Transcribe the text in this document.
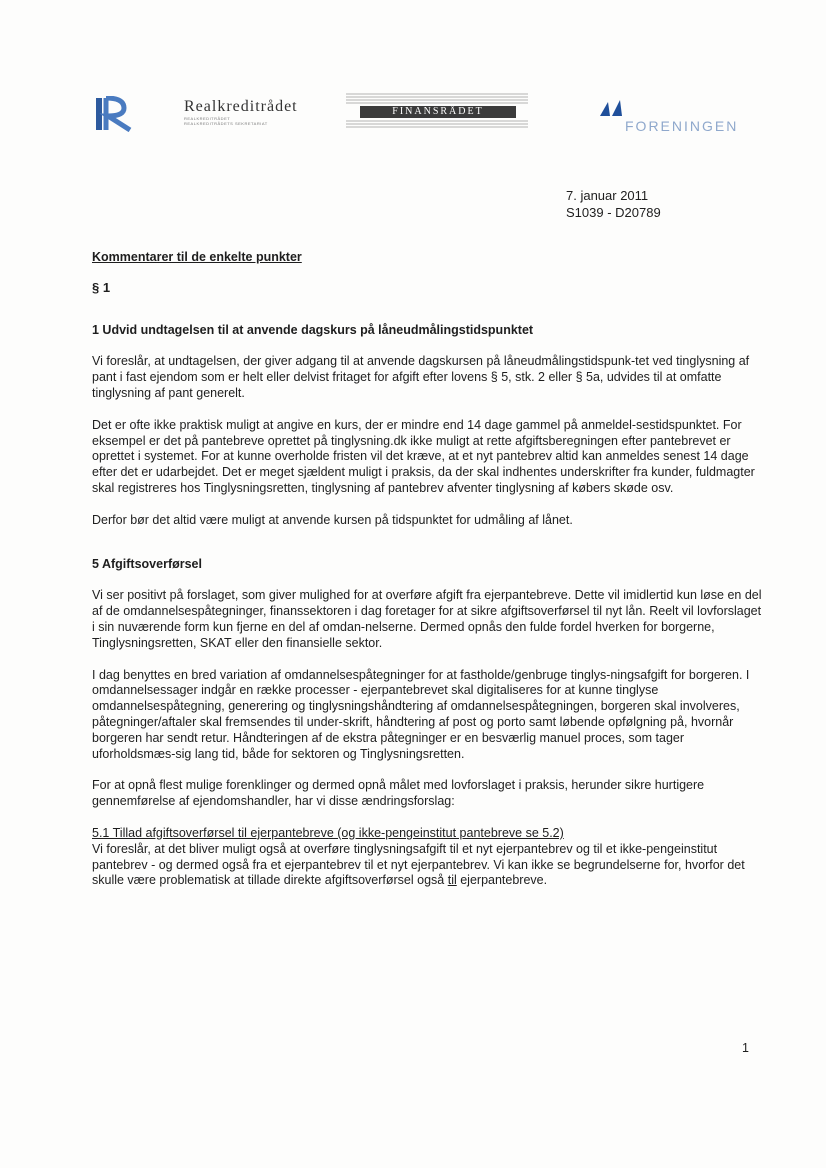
Realkreditrådet
REALKREDITRÅDET
REALKREDITRÅDETS SEKRETARIAT
FINANSRÅDET
FORENINGEN
7. januar 2011
S1039 - D20789

Kommentarer til de enkelte punkter

§ 1

1 Udvid undtagelsen til at anvende dagskurs på låneudmålingstidspunktet

Vi foreslår, at undtagelsen, der giver adgang til at anvende dagskursen på låneudmålingstidspunk-tet ved tinglysning af pant i fast ejendom som er helt eller delvist fritaget for afgift efter lovens § 5, stk. 2 eller § 5a, udvides til at omfatte tinglysning af pant generelt.

Det er ofte ikke praktisk muligt at angive en kurs, der er mindre end 14 dage gammel på anmeldel-sestidspunktet. For eksempel er det på pantebreve oprettet på tinglysning.dk ikke muligt at rette afgiftsberegningen efter pantebrevet er oprettet i systemet. For at kunne overholde fristen vil det kræve, at et nyt pantebrev altid kan anmeldes senest 14 dage efter det er udarbejdet. Det er meget sjældent muligt i praksis, da der skal indhentes underskrifter fra kunder, fuldmagter skal registreres hos Tinglysningsretten, tinglysning af pantebrev afventer tinglysning af købers skøde osv.

Derfor bør det altid være muligt at anvende kursen på tidspunktet for udmåling af lånet.

5 Afgiftsoverførsel

Vi ser positivt på forslaget, som giver mulighed for at overføre afgift fra ejerpantebreve. Dette vil imidlertid kun løse en del af de omdannelsespåtegninger, finanssektoren i dag foretager for at sikre afgiftsoverførsel til nyt lån. Reelt vil lovforslaget i sin nuværende form kun fjerne en del af omdan-nelserne. Dermed opnås den fulde fordel hverken for borgerne, Tinglysningsretten, SKAT eller den finansielle sektor.

I dag benyttes en bred variation af omdannelsespåtegninger for at fastholde/genbruge tinglys-ningsafgift for borgeren. I omdannelsessager indgår en række processer - ejerpantebrevet skal digitaliseres for at kunne tinglyse omdannelsespåtegning, generering og tinglysningshåndtering af omdannelsespåtegningen, borgeren skal involveres, påtegninger/aftaler skal fremsendes til under-skrift, håndtering af post og porto samt løbende opfølgning på, hvornår borgeren har sendt retur. Håndteringen af de ekstra påtegninger er en besværlig manuel proces, som tager uforholdsmæs-sig lang tid, både for sektoren og Tinglysningsretten.

For at opnå flest mulige forenklinger og dermed opnå målet med lovforslaget i praksis, herunder sikre hurtigere gennemførelse af ejendomshandler, har vi disse ændringsforslag:

5.1 Tillad afgiftsoverførsel til ejerpantebreve (og ikke-pengeinstitut pantebreve se 5.2)

Vi foreslår, at det bliver muligt også at overføre tinglysningsafgift til et nyt ejerpantebrev og til et ikke-pengeinstitut pantebrev - og dermed også fra et ejerpantebrev til et nyt ejerpantebrev. Vi kan ikke se begrundelserne for, hvorfor det skulle være problematisk at tillade direkte afgiftsoverførsel også til ejerpantebreve.

1
